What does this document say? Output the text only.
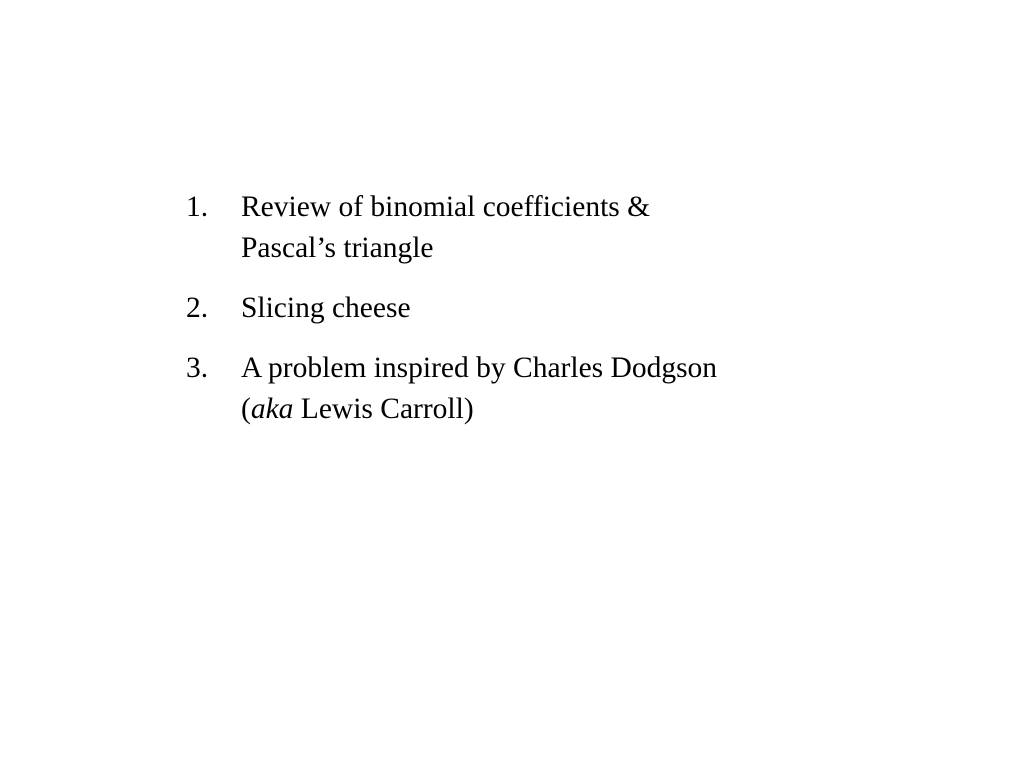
1.	Review of binomial coefficients &
Pascal’s triangle
2.	Slicing cheese
3.	A problem inspired by Charles Dodgson
(aka Lewis Carroll)
